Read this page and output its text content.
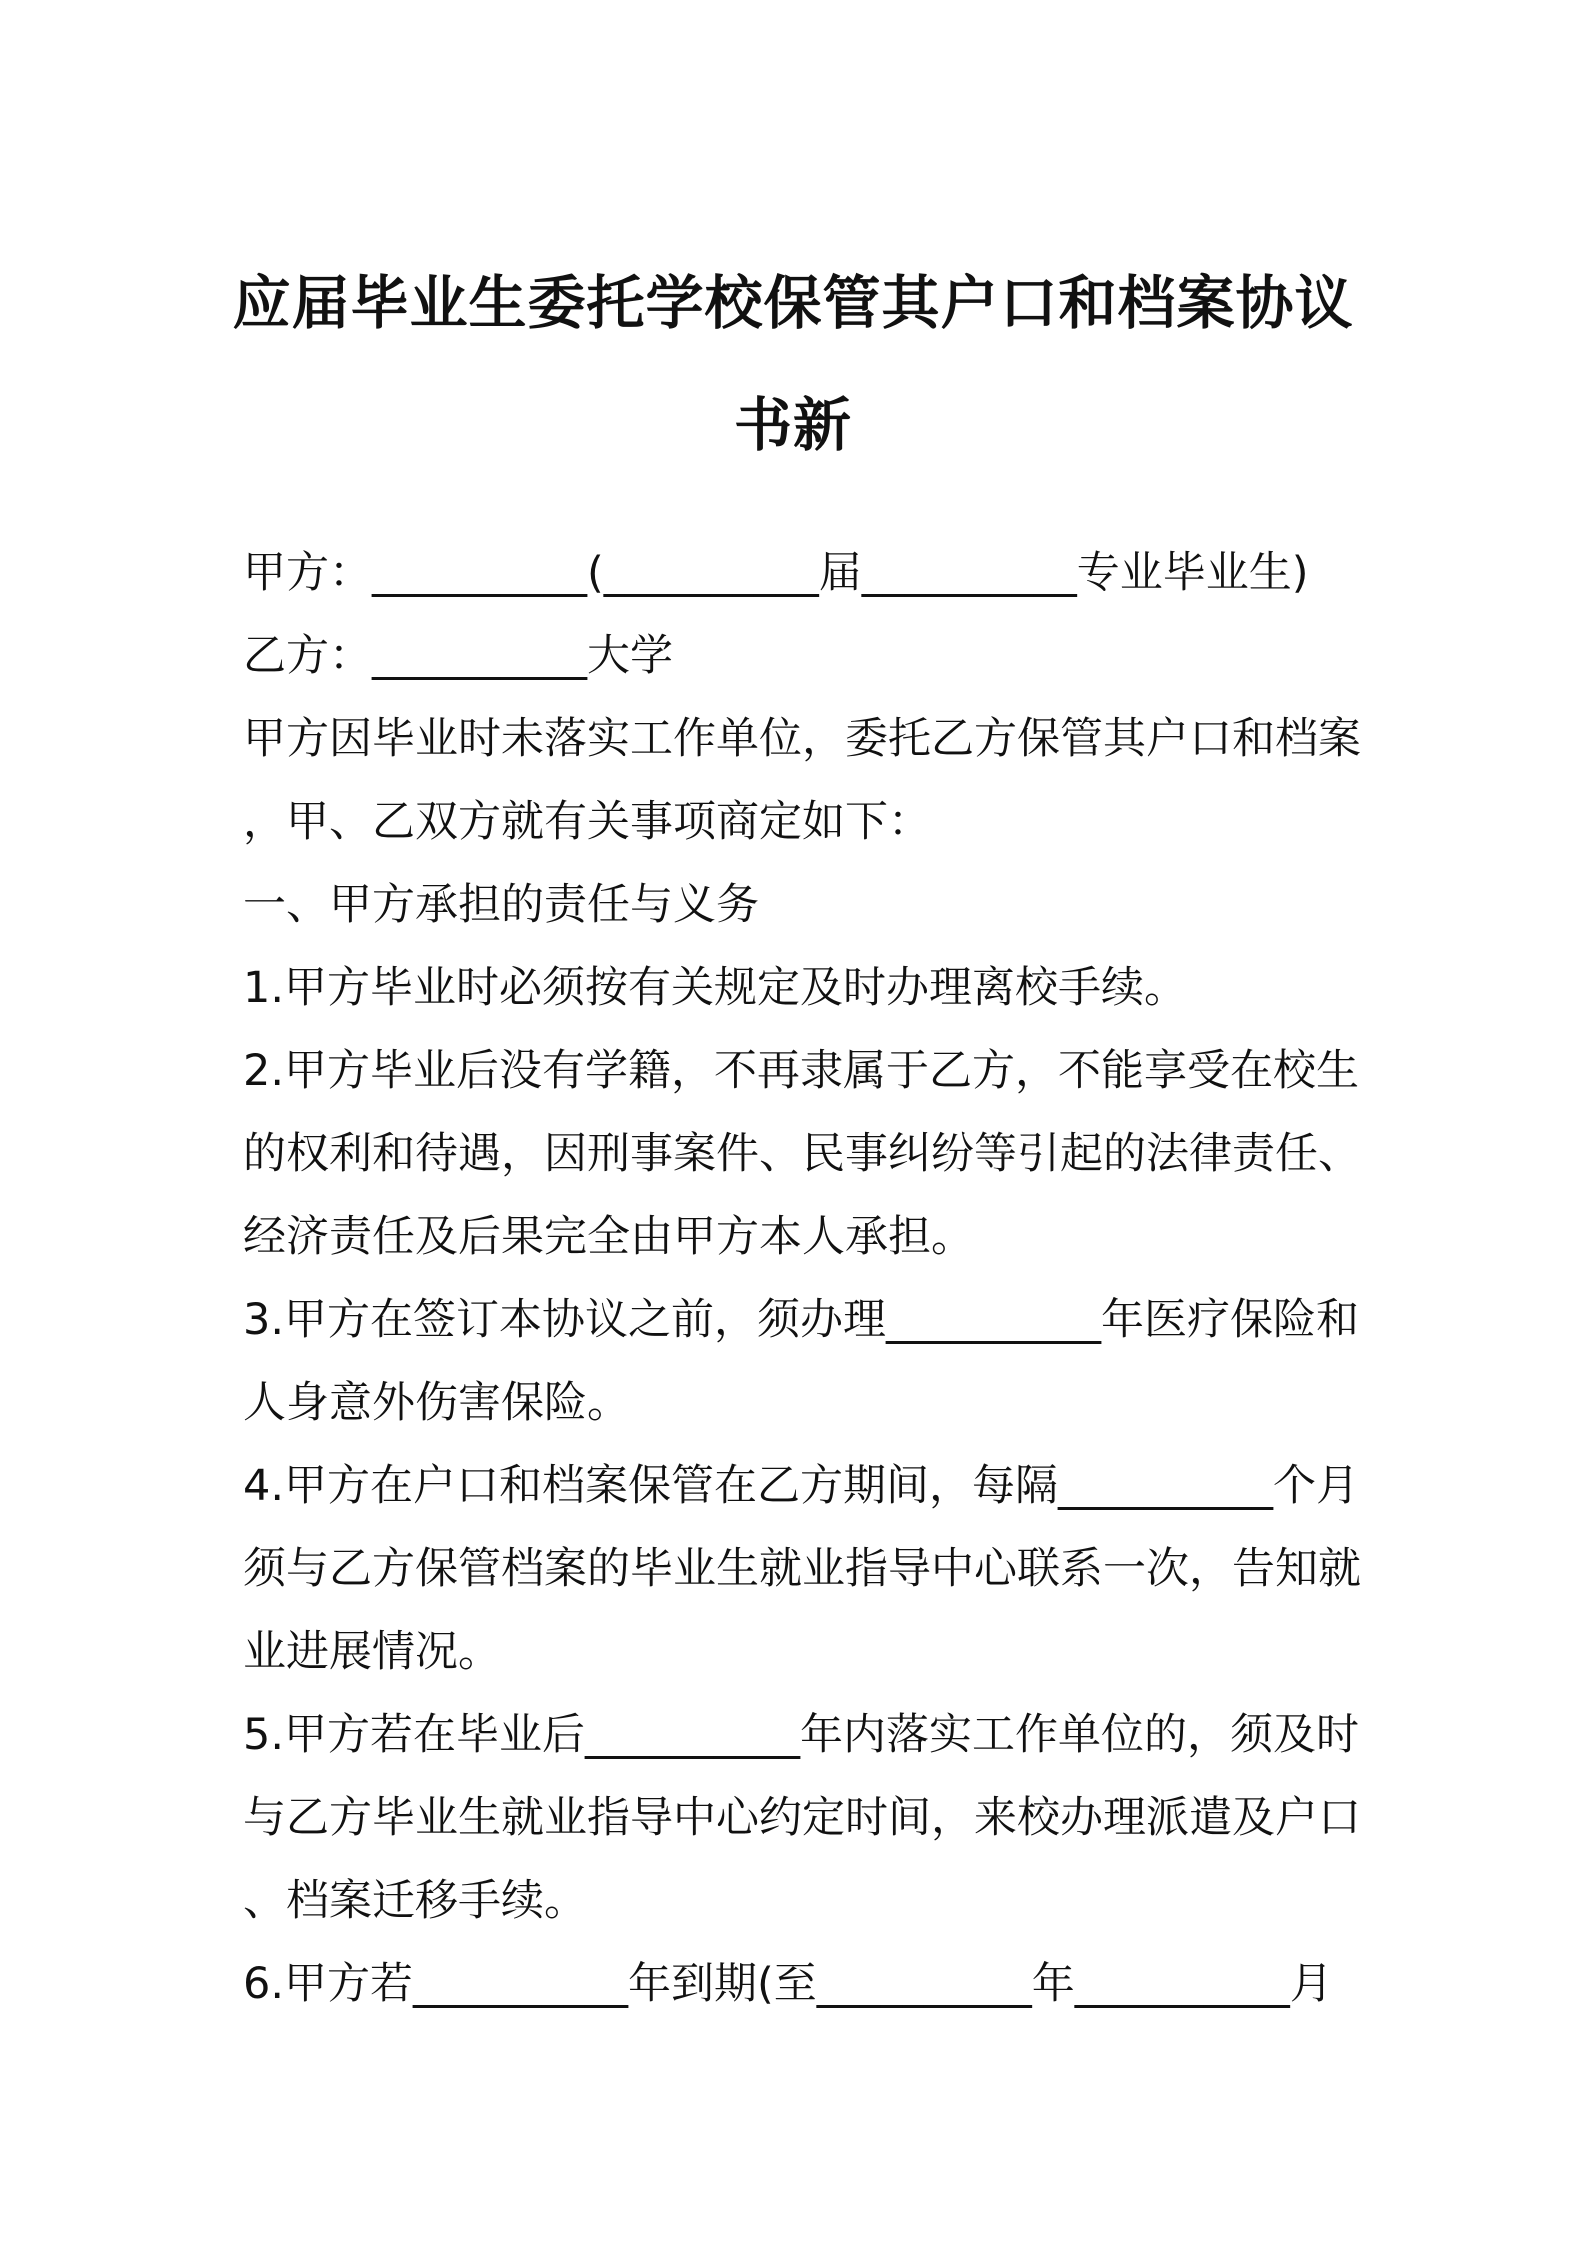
应届毕业生委托学校保管其户口和档案协议
书新
甲方：__________(__________届__________专业毕业生)
乙方：__________大学
甲方因毕业时未落实工作单位，委托乙方保管其户口和档案
，甲、乙双方就有关事项商定如下：
一、甲方承担的责任与义务
1.甲方毕业时必须按有关规定及时办理离校手续。
2.甲方毕业后没有学籍，不再隶属于乙方，不能享受在校生
的权利和待遇，因刑事案件、民事纠纷等引起的法律责任、
经济责任及后果完全由甲方本人承担。
3.甲方在签订本协议之前，须办理__________年医疗保险和
人身意外伤害保险。
4.甲方在户口和档案保管在乙方期间，每隔__________个月
须与乙方保管档案的毕业生就业指导中心联系一次，告知就
业进展情况。
5.甲方若在毕业后__________年内落实工作单位的，须及时
与乙方毕业生就业指导中心约定时间，来校办理派遣及户口
、档案迁移手续。
6.甲方若__________年到期(至__________年__________月
